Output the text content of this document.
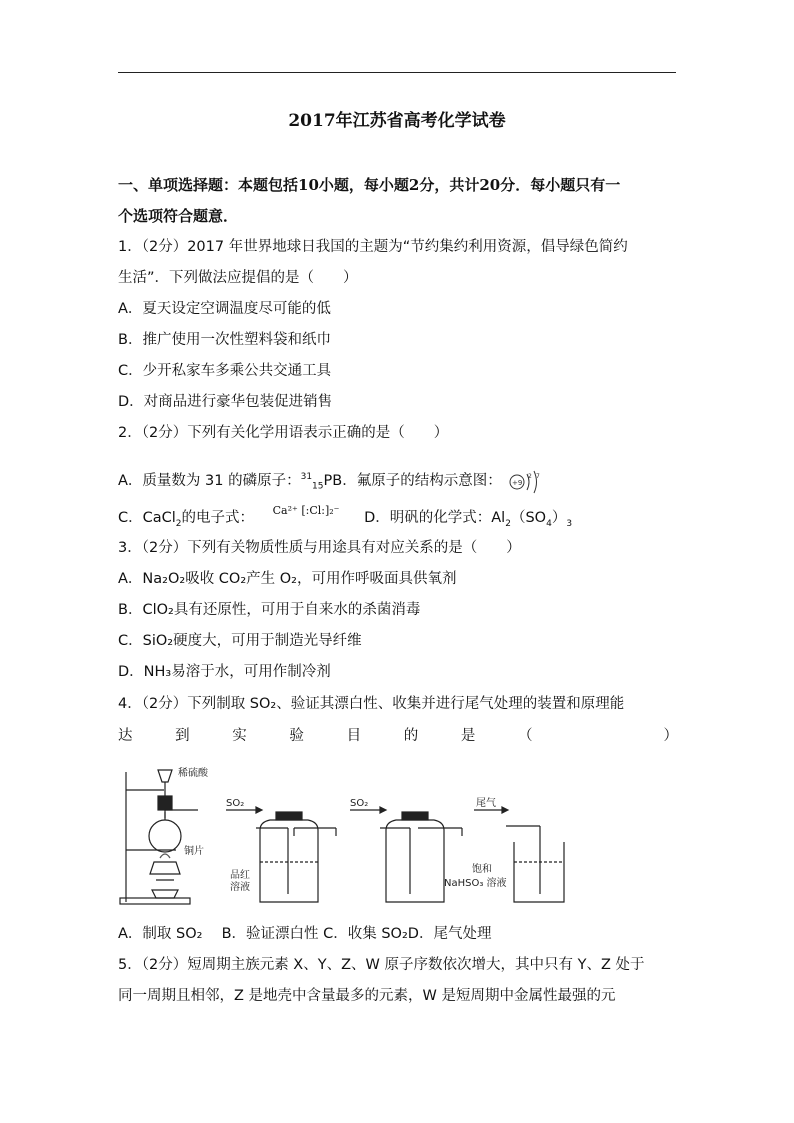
2017年江苏省高考化学试卷
一、单项选择题：本题包括10小题，每小题2分，共计20分．每小题只有一
个选项符合题意．
1．（2分）2017 年世界地球日我国的主题为“节约集约利用资源，倡导绿色简约
生活”．下列做法应提倡的是（　　）
A．夏天设定空调温度尽可能的低
B．推广使用一次性塑料袋和纸巾
C．少开私家车多乘公共交通工具
D．对商品进行豪华包装促进销售
2．（2分）下列有关化学用语表示正确的是（　　）
A．质量数为 31 的磷原子：$^{31}_{15}$PB．氟原子的结构示意图： +9
2 7
C．CaCl$_2$的电子式： Ca²⁺ [:Cl:]₂⁻ D．明矾的化学式：$Al_2(SO_4)_3$
3．（2分）下列有关物质性质与用途具有对应关系的是（　　）
A．Na₂O₂吸收 CO₂产生 O₂，可用作呼吸面具供氧剂
B．ClO₂具有还原性，可用于自来水的杀菌消毒
C．SiO₂硬度大，可用于制造光导纤维
D．NH₃易溶于水，可用作制冷剂
4．（2分）下列制取 SO₂、验证其漂白性、收集并进行尾气处理的装置和原理能
达	到	实	验	目	的	是	（	）
稀硫酸
铜片
SO₂
品红
溶液
SO₂	尾气
饱和
NaHSO₃ 溶液
A．制取 SO₂　 B．验证漂白性 C．收集 SO₂D．尾气处理
5．（2分）短周期主族元素 X、Y、Z、W 原子序数依次增大，其中只有 Y、Z 处于
同一周期且相邻，Z 是地壳中含量最多的元素，W 是短周期中金属性最强的元
